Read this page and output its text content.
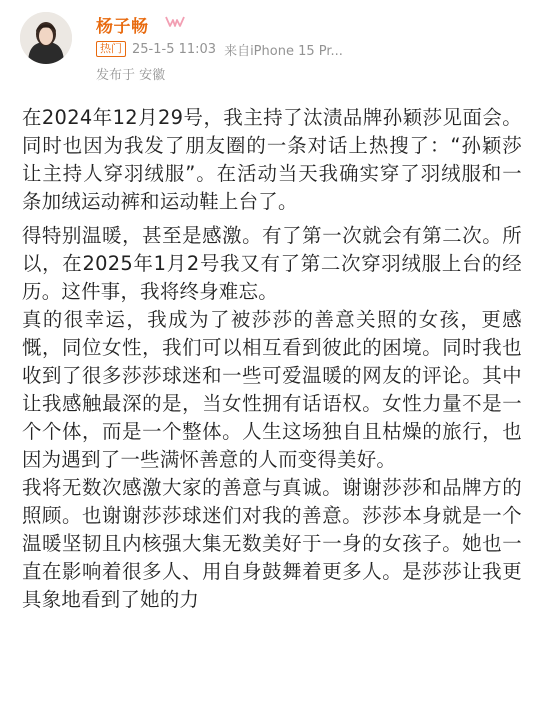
杨子畅
热门 25-1-5 11:03 来自iPhone 15 Pr...
发布于 安徽

在2024年12月29号，我主持了汰渍品牌孙颖莎见面会。同时也因为我发了朋友圈的一条对话上热搜了：“孙颖莎让主持人穿羽绒服”。在活动当天我确实穿了羽绒服和一条加绒运动裤和运动鞋上台了。

得特别温暖，甚至是感激。有了第一次就会有第二次。所以，在2025年1月2号我又有了第二次穿羽绒服上台的经历。这件事，我将终身难忘。

真的很幸运，我成为了被莎莎的善意关照的女孩，更感慨，同位女性，我们可以相互看到彼此的困境。同时我也收到了很多莎莎球迷和一些可爱温暖的网友的评论。其中让我感触最深的是，当女性拥有话语权。女性力量不是一个个体，而是一个整体。人生这场独自且枯燥的旅行，也因为遇到了一些满怀善意的人而变得美好。

我将无数次感激大家的善意与真诚。谢谢莎莎和品牌方的照顾。也谢谢莎莎球迷们对我的善意。莎莎本身就是一个温暖坚韧且内核强大集无数美好于一身的女孩子。她也一直在影响着很多人、用自身鼓舞着更多人。是莎莎让我更具象地看到了她的力
